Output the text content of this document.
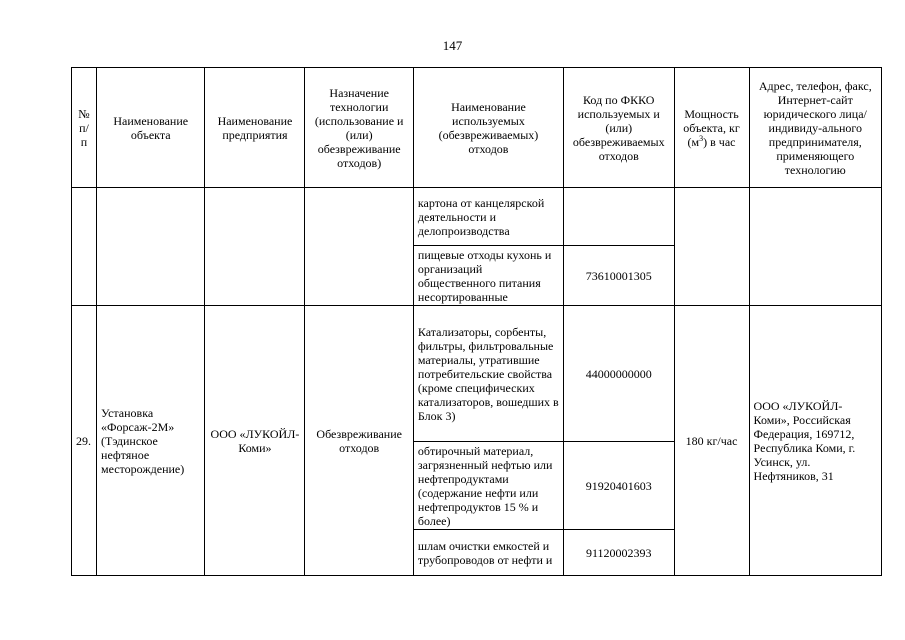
147
№ п/п	Наименование объекта	Наименование предприятия	Назначение технологии (использование и (или) обезвреживание отходов)	Наименование используемых (обезвреживаемых) отходов	Код по ФККО используемых и (или) обезвреживаемых отходов	Мощность объекта, кг $(м^3)$ в час	Адрес, телефон, факс, Интернет-сайт юридического лица/индивиду-ального предпринимателя, применяющего технологию
				картона от канцелярской деятельности и делопроизводства			
				пищевые отходы кухонь и организаций общественного питания несортированные	73610001305		
29.	Установка «Форсаж-2М» (Тэдинское нефтяное месторождение)	ООО «ЛУКОЙЛ-Коми»	Обезвреживание отходов	Катализаторы, сорбенты, фильтры, фильтровальные материалы, утратившие потребительские свойства (кроме специфических катализаторов, вошедших в Блок 3)	44000000000	180 кг/час	ООО «ЛУКОЙЛ-Коми», Российская Федерация, 169712, Республика Коми, г. Усинск, ул. Нефтяников, 31
				обтирочный материал, загрязненный нефтью или нефтепродуктами (содержание нефти или нефтепродуктов 15 % и более)	91920401603		
				шлам очистки емкостей и трубопроводов от нефти и	91120002393		
